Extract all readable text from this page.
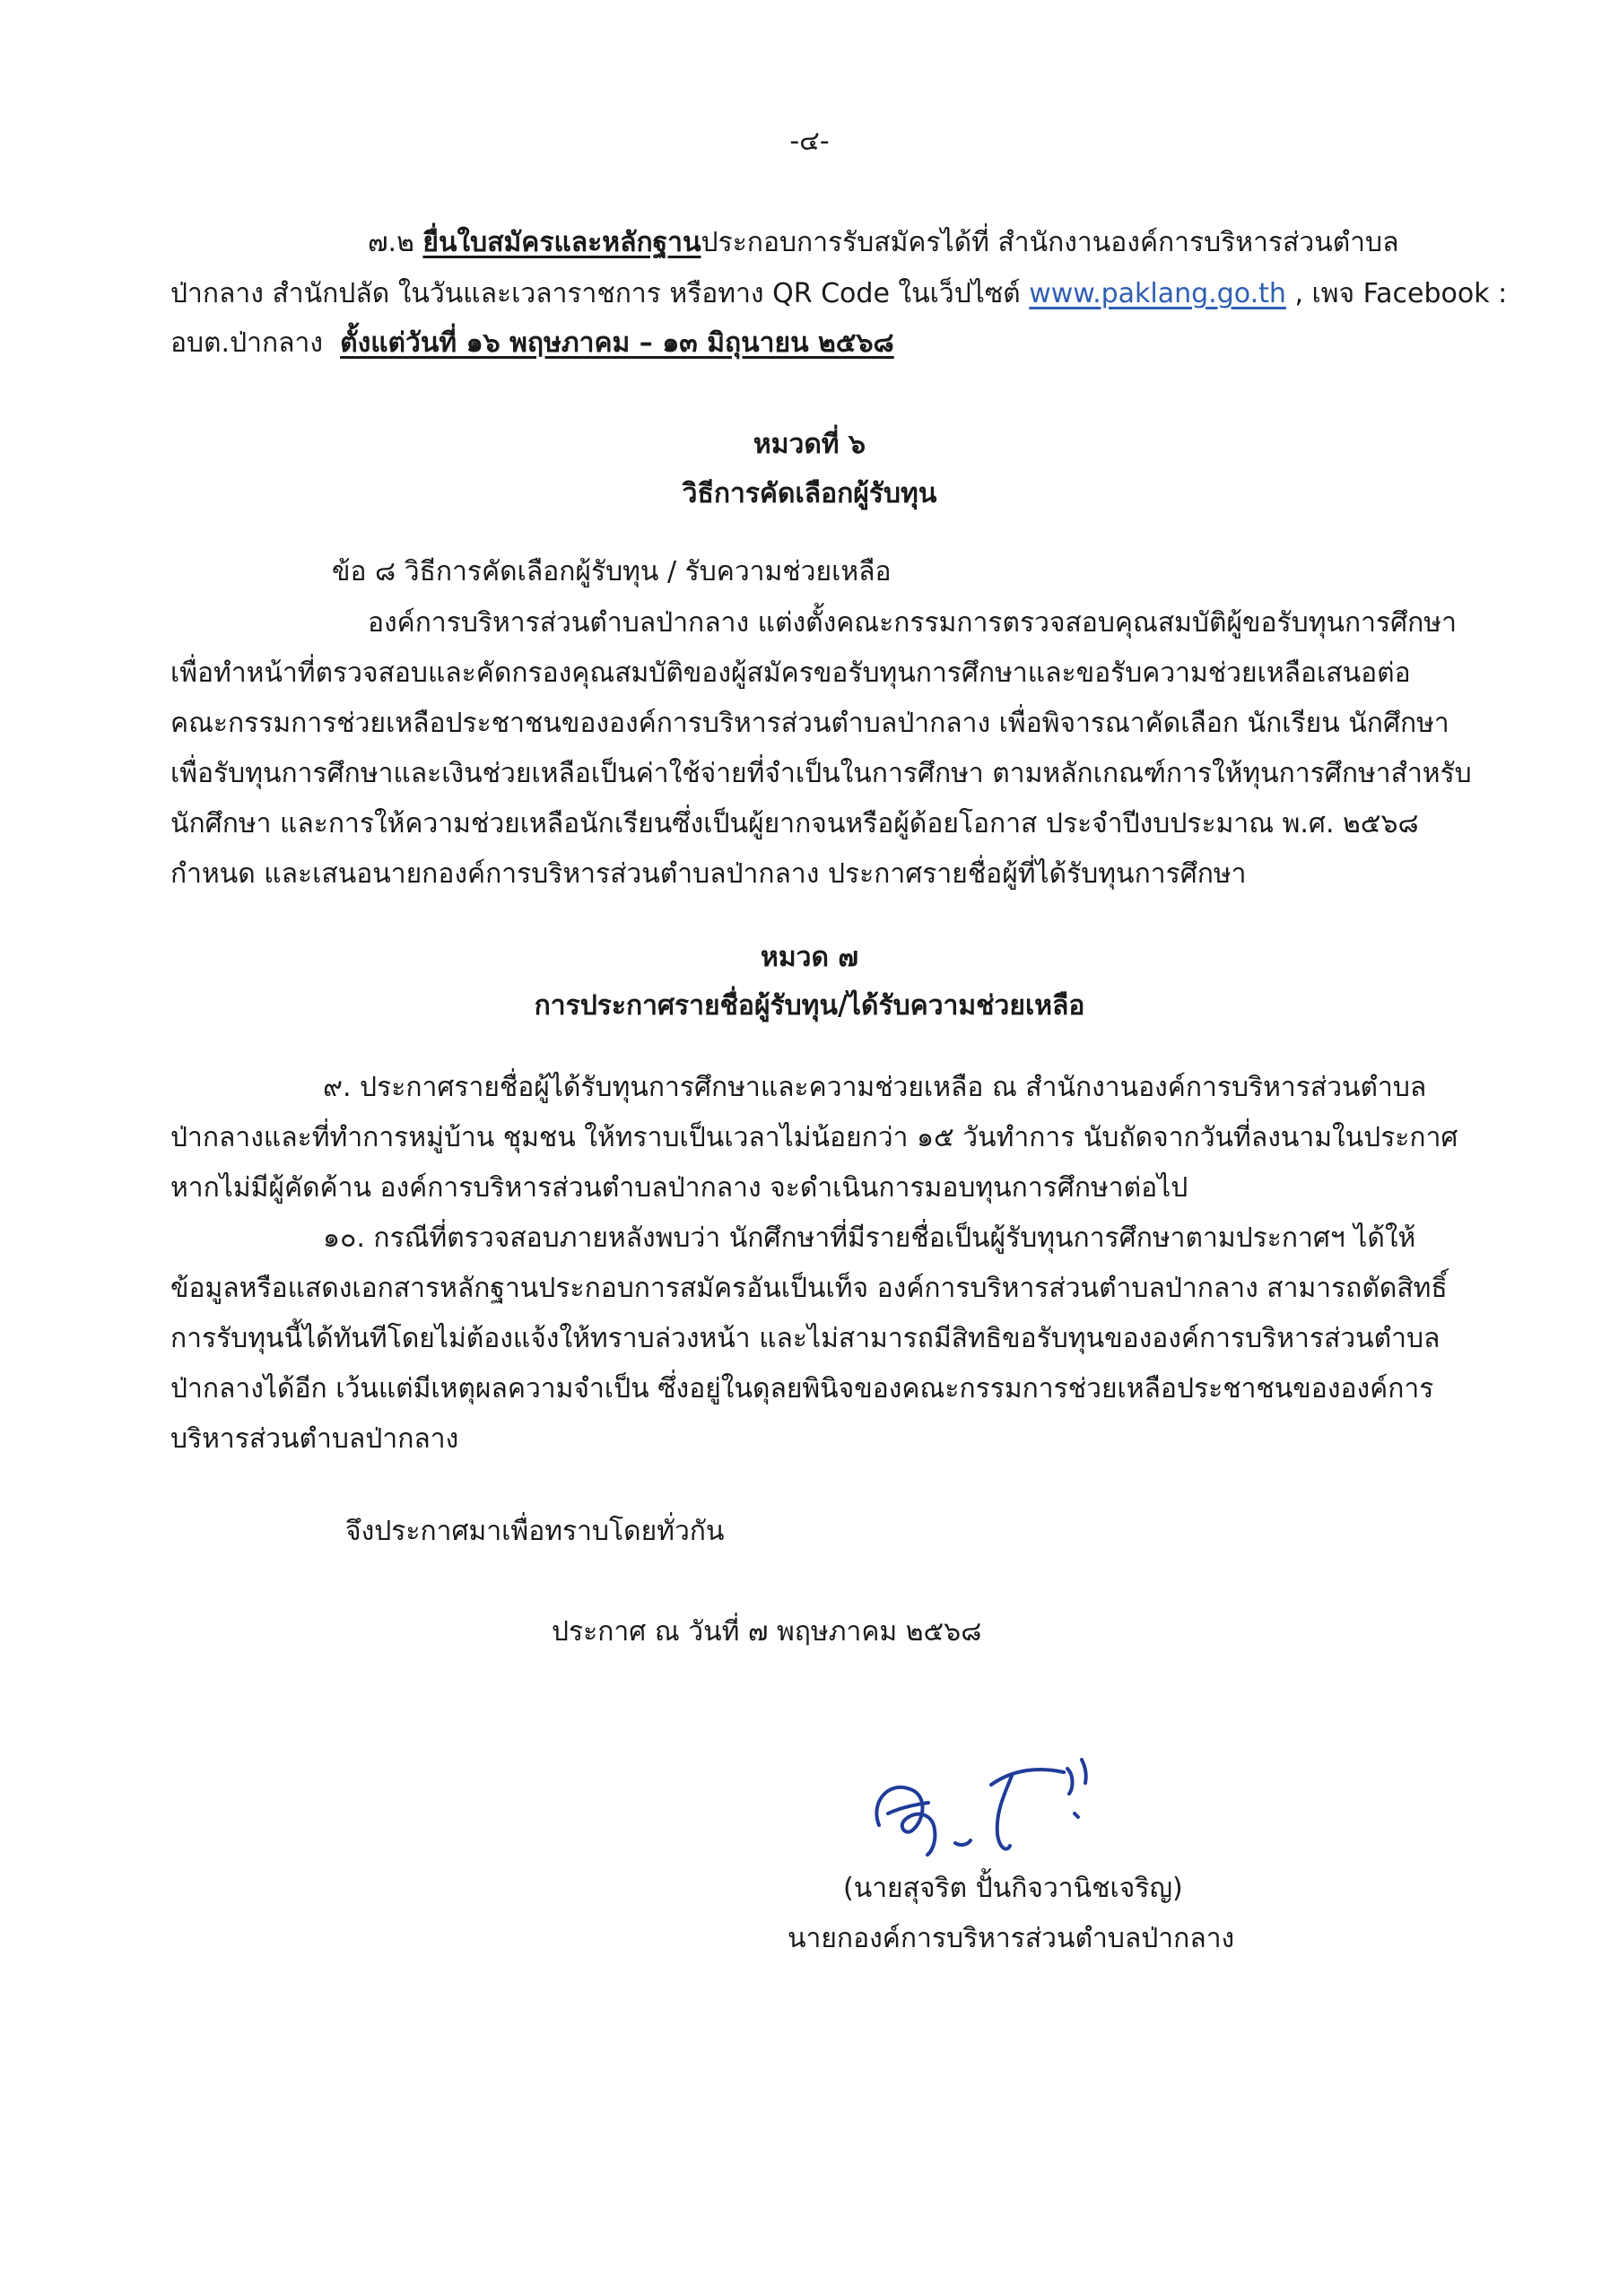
-๔-
๗.๒ ยื่นใบสมัครและหลักฐานประกอบการรับสมัครได้ที่ สำนักงานองค์การบริหารส่วนตำบล
ป่ากลาง สำนักปลัด ในวันและเวลาราชการ หรือทาง QR Code ในเว็ปไซต์ www.paklang.go.th , เพจ Facebook :
อบต.ป่ากลาง ตั้งแต่วันที่ ๑๖ พฤษภาคม – ๑๓ มิถุนายน ๒๕๖๘
หมวดที่ ๖
วิธีการคัดเลือกผู้รับทุน
ข้อ ๘ วิธีการคัดเลือกผู้รับทุน / รับความช่วยเหลือ
องค์การบริหารส่วนตำบลป่ากลาง แต่งตั้งคณะกรรมการตรวจสอบคุณสมบัติผู้ขอรับทุนการศึกษา
เพื่อทำหน้าที่ตรวจสอบและคัดกรองคุณสมบัติของผู้สมัครขอรับทุนการศึกษาและขอรับความช่วยเหลือเสนอต่อ
คณะกรรมการช่วยเหลือประชาชนขององค์การบริหารส่วนตำบลป่ากลาง เพื่อพิจารณาคัดเลือก นักเรียน นักศึกษา
เพื่อรับทุนการศึกษาและเงินช่วยเหลือเป็นค่าใช้จ่ายที่จำเป็นในการศึกษา ตามหลักเกณฑ์การให้ทุนการศึกษาสำหรับ
นักศึกษา และการให้ความช่วยเหลือนักเรียนซึ่งเป็นผู้ยากจนหรือผู้ด้อยโอกาส ประจำปีงบประมาณ พ.ศ. ๒๕๖๘
กำหนด และเสนอนายกองค์การบริหารส่วนตำบลป่ากลาง ประกาศรายชื่อผู้ที่ได้รับทุนการศึกษา
หมวด ๗
การประกาศรายชื่อผู้รับทุน/ได้รับความช่วยเหลือ
๙. ประกาศรายชื่อผู้ได้รับทุนการศึกษาและความช่วยเหลือ ณ สำนักงานองค์การบริหารส่วนตำบล
ป่ากลางและที่ทำการหมู่บ้าน ชุมชน ให้ทราบเป็นเวลาไม่น้อยกว่า ๑๕ วันทำการ นับถัดจากวันที่ลงนามในประกาศ
หากไม่มีผู้คัดค้าน องค์การบริหารส่วนตำบลป่ากลาง จะดำเนินการมอบทุนการศึกษาต่อไป
๑๐. กรณีที่ตรวจสอบภายหลังพบว่า นักศึกษาที่มีรายชื่อเป็นผู้รับทุนการศึกษาตามประกาศฯ ได้ให้
ข้อมูลหรือแสดงเอกสารหลักฐานประกอบการสมัครอันเป็นเท็จ องค์การบริหารส่วนตำบลป่ากลาง สามารถตัดสิทธิ์
การรับทุนนี้ได้ทันทีโดยไม่ต้องแจ้งให้ทราบล่วงหน้า และไม่สามารถมีสิทธิขอรับทุนขององค์การบริหารส่วนตำบล
ป่ากลางได้อีก เว้นแต่มีเหตุผลความจำเป็น ซึ่งอยู่ในดุลยพินิจของคณะกรรมการช่วยเหลือประชาชนขององค์การ
บริหารส่วนตำบลป่ากลาง
จึงประกาศมาเพื่อทราบโดยทั่วกัน
ประกาศ ณ วันที่ ๗ พฤษภาคม ๒๕๖๘
(นายสุจริต ปั้นกิจวานิชเจริญ)
นายกองค์การบริหารส่วนตำบลป่ากลาง
